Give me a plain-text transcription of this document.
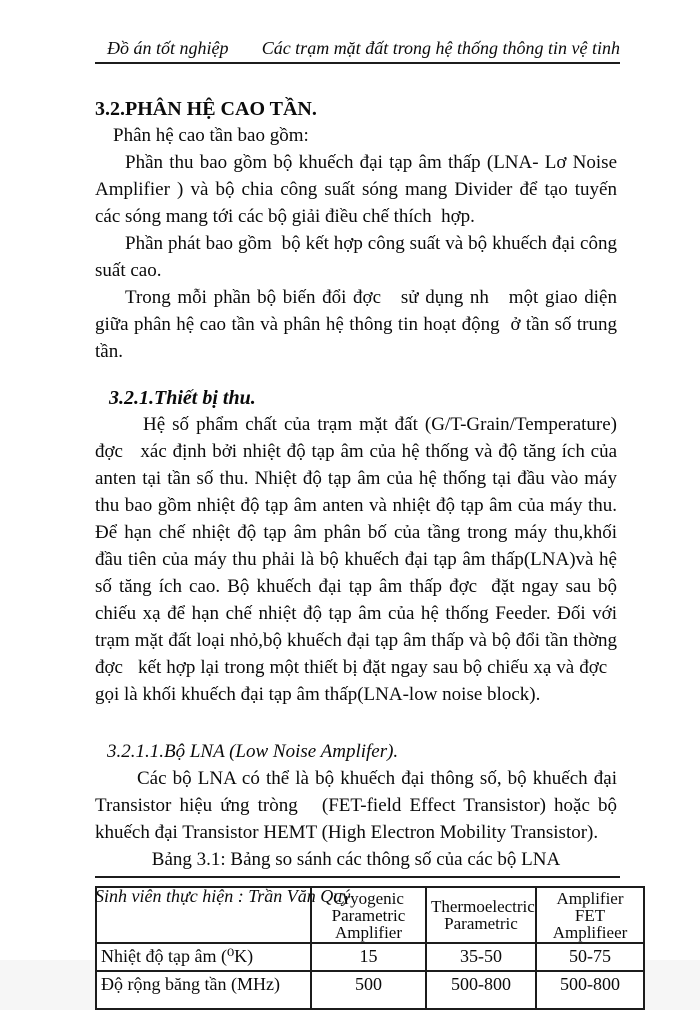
Đồ án tốt nghiệp Các trạm mặt đất trong hệ thống thông tin vệ tinh
3.2.PHÂN HỆ CAO TẦN.

Phân hệ cao tần bao gồm:

Phần thu bao gồm bộ khuếch đại tạp âm thấp (LNA- Lơ Noise Amplifier ) và bộ chia công suất sóng mang Divider để tạo tuyến các sóng mang tới các bộ giải điều chế thích  hợp.

Phần phát bao gồm  bộ kết hợp công suất và bộ khuếch đại công suất cao.

Trong mỗi phần bộ biến đổi đợc   sử dụng nh   một giao diện giữa phân hệ cao tần và phân hệ thông tin hoạt động  ở tần số trung tần.

3.2.1.Thiết bị thu.

Hệ số phẩm chất của trạm mặt đất (G/T-Grain/Temperature) đợc   xác định bởi nhiệt độ tạp âm của hệ thống và độ tăng ích của anten tại tần số thu. Nhiệt độ tạp âm của hệ thống tại đầu vào máy thu bao gồm nhiệt độ tạp âm anten và nhiệt độ tạp âm của máy thu. Để hạn chế nhiệt độ tạp âm phân bố của tầng trong máy thu,khối đầu tiên của máy thu phải là bộ khuếch đại tạp âm thấp(LNA)và hệ số tăng ích cao. Bộ khuếch đại tạp âm thấp đợc  đặt ngay sau bộ chiếu xạ để hạn chế nhiệt độ tạp âm của hệ thống Feeder. Đối với trạm mặt đất loại nhỏ,bộ khuếch đại tạp âm thấp và bộ đổi tần thờng đợc   kết hợp lại trong một thiết bị đặt ngay sau bộ chiếu xạ và đợc   gọi là khối khuếch đại tạp âm thấp(LNA-low noise block).

3.2.1.1.Bộ LNA (Low Noise Amplifer).

Các bộ LNA có thể là bộ khuếch đại thông số, bộ khuếch đại Transistor hiệu ứng tròng   (FET-field Effect Transistor) hoặc bộ khuếch đại Transistor HEMT (High Electron Mobility Transistor).

Bảng 3.1: Bảng so sánh các thông số của các bộ LNA

	Cryogenic Parametric Amplifier	Thermoelectric Parametric	Amplifier FET Amplifieer
Nhiệt độ tạp âm (⁰K)	15	35-50	50-75
Độ rộng băng tần (MHz)	500	500-800	500-800
Sinh viên thực hiện : Trần Văn Quý
